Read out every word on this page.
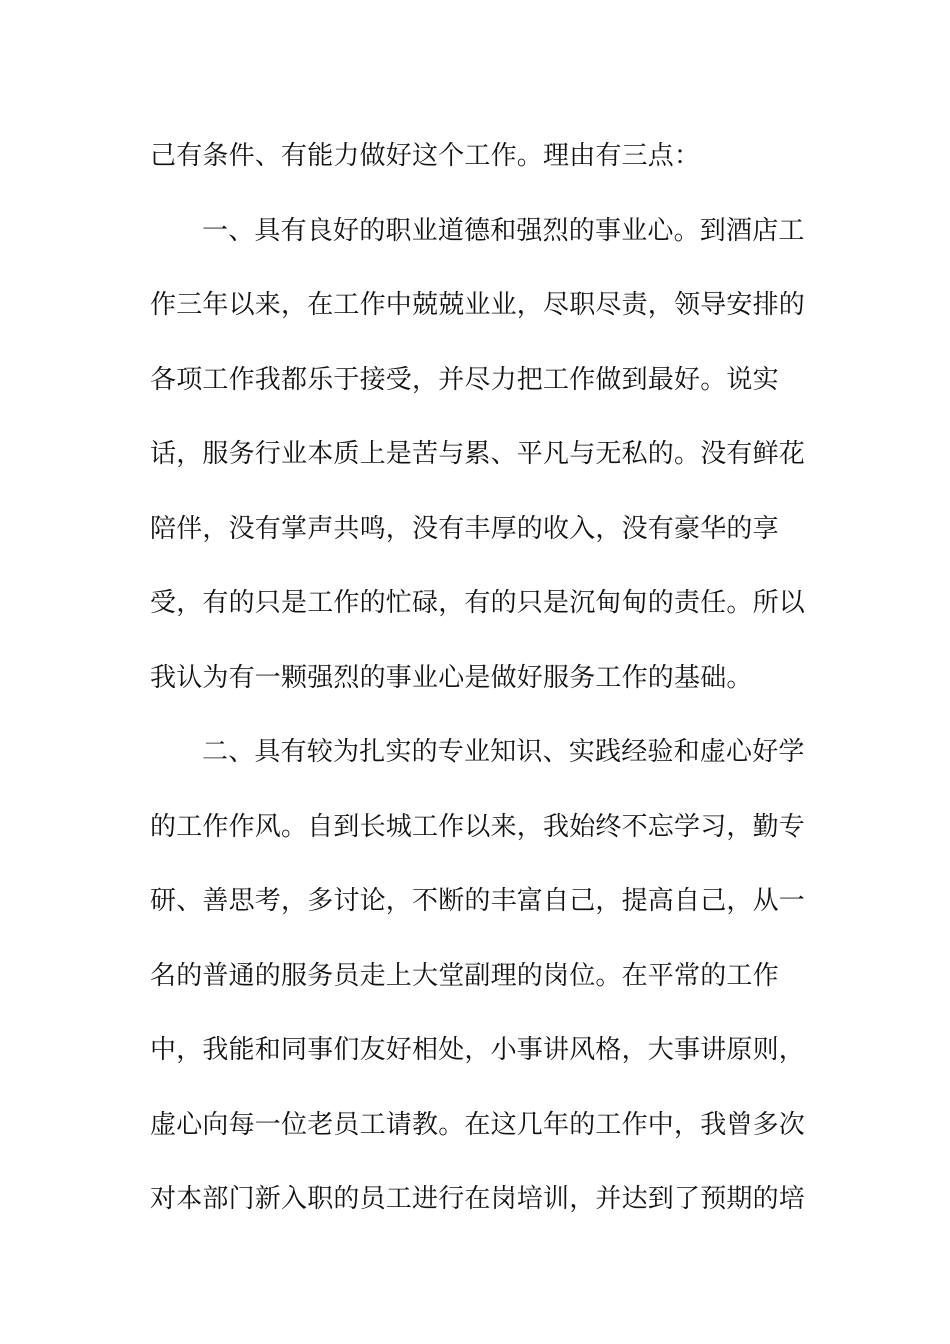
己有条件、有能力做好这个工作。理由有三点：
一、具有良好的职业道德和强烈的事业心。到酒店工
作三年以来，在工作中兢兢业业，尽职尽责，领导安排的
各项工作我都乐于接受，并尽力把工作做到最好。说实
话，服务行业本质上是苦与累、平凡与无私的。没有鲜花
陪伴，没有掌声共鸣，没有丰厚的收入，没有豪华的享
受，有的只是工作的忙碌，有的只是沉甸甸的责任。所以
我认为有一颗强烈的事业心是做好服务工作的基础。
二、具有较为扎实的专业知识、实践经验和虚心好学
的工作作风。自到长城工作以来，我始终不忘学习，勤专
研、善思考，多讨论，不断的丰富自己，提高自己，从一
名的普通的服务员走上大堂副理的岗位。在平常的工作
中，我能和同事们友好相处，小事讲风格，大事讲原则，
虚心向每一位老员工请教。在这几年的工作中，我曾多次
对本部门新入职的员工进行在岗培训，并达到了预期的培
